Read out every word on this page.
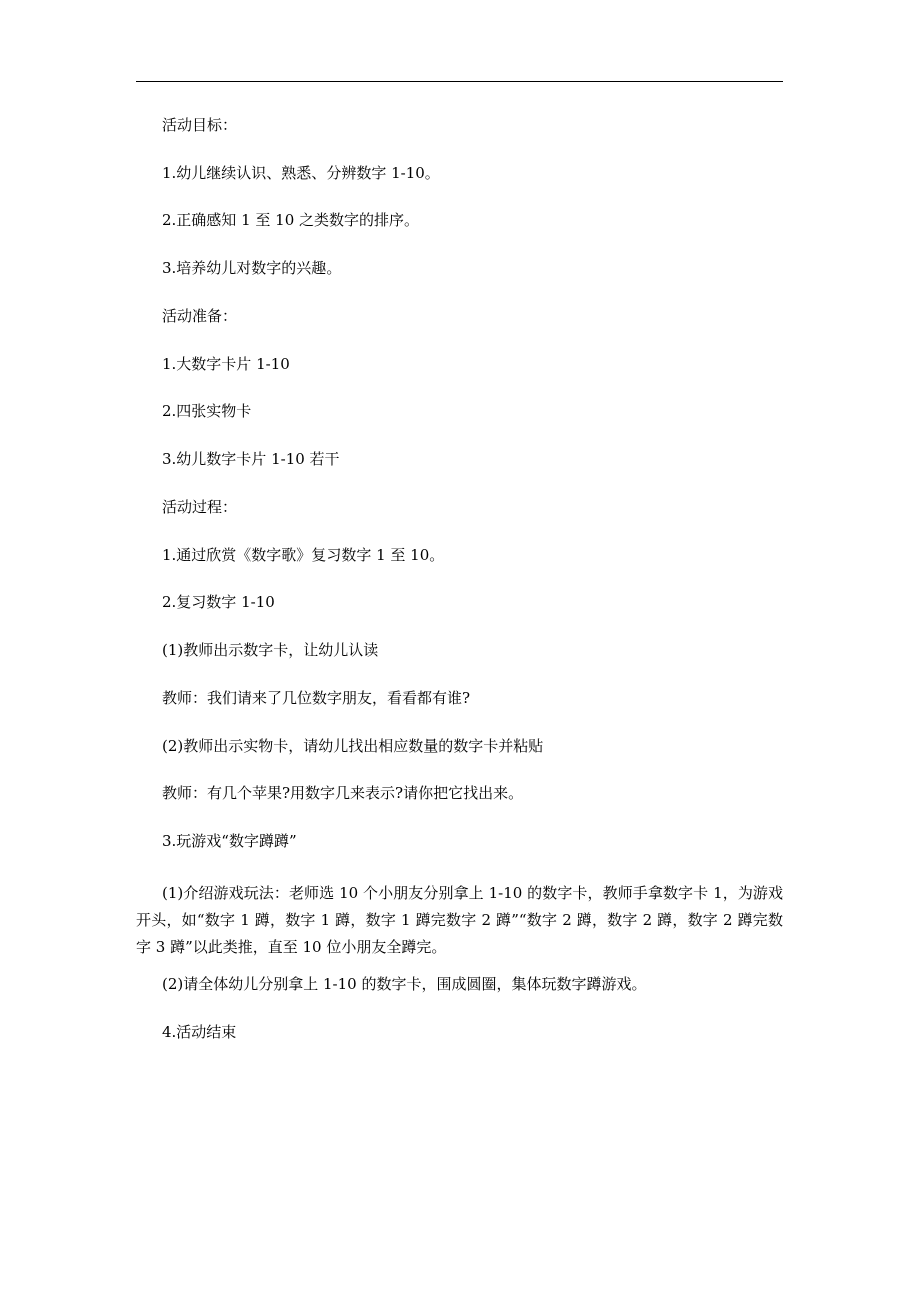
活动目标：
1.幼儿继续认识、熟悉、分辨数字 1-10。
2.正确感知 1 至 10 之类数字的排序。
3.培养幼儿对数字的兴趣。
活动准备：
1.大数字卡片 1-10
2.四张实物卡
3.幼儿数字卡片 1-10 若干
活动过程：
1.通过欣赏《数字歌》复习数字 1 至 10。
2.复习数字 1-10
(1)教师出示数字卡，让幼儿认读
教师：我们请来了几位数字朋友，看看都有谁?
(2)教师出示实物卡，请幼儿找出相应数量的数字卡并粘贴
教师：有几个苹果?用数字几来表示?请你把它找出来。
3.玩游戏“数字蹲蹲”
(1)介绍游戏玩法：老师选 10 个小朋友分别拿上 1-10 的数字卡，教师手拿数字卡 1，为游戏开头，如“数字 1 蹲，数字 1 蹲，数字 1 蹲完数字 2 蹲”“数字 2 蹲，数字 2 蹲，数字 2 蹲完数字 3 蹲”以此类推，直至 10 位小朋友全蹲完。
(2)请全体幼儿分别拿上 1-10 的数字卡，围成圆圈，集体玩数字蹲游戏。
4.活动结束
